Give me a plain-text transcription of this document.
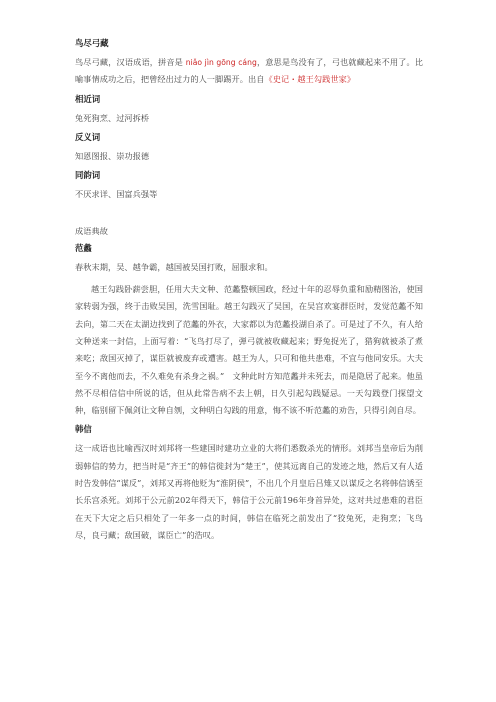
鸟尽弓藏

鸟尽弓藏，汉语成语，拼音是 niǎo jìn gōng cáng，意思是鸟没有了，弓也就藏起来不用了。比喻事情成功之后，把曾经出过力的人一脚踢开。出自《史记・越王勾践世家》

相近词

兔死狗烹、过河拆桥

反义词

知恩图报、崇功报德

同韵词

不厌求详、国富兵强等

成语典故

范蠡

春秋末期，吴、越争霸，越国被吴国打败，屈服求和。

越王勾践卧薪尝胆，任用大夫文种、范蠡整顿国政，经过十年的忍辱负重和励精图治，使国家转弱为强，终于击败吴国，洗雪国耻。越王勾践灭了吴国，在吴宫欢宴群臣时，发觉范蠡不知去向，第二天在太湖边找到了范蠡的外衣，大家都以为范蠡投湖自杀了。可是过了不久，有人给文种送来一封信，上面写着：“飞鸟打尽了，弹弓就被收藏起来；野兔捉光了，猎狗就被杀了煮来吃；敌国灭掉了，谋臣就被废弃或遭害。越王为人，只可和他共患难，不宜与他同安乐。大夫至今不离他而去，不久难免有杀身之祸。”　文种此时方知范蠡并未死去，而是隐居了起来。他虽然不尽相信信中所说的话，但从此常告病不去上朝，日久引起勾践疑忌。一天勾践登门探望文种，临别留下佩剑让文种自刎，文种明白勾践的用意，悔不该不听范蠡的劝告，只得引剑自尽。

韩信

这一成语也比喻西汉时刘邦将一些建国时建功立业的大将们悉数杀光的情形。刘邦当皇帝后为削弱韩信的势力，把当时是“齐王”的韩信徙封为“楚王”，使其远离自己的发迹之地，然后又有人适时告发韩信“谋反”，刘邦又再将他贬为“淮阴侯”，不出几个月皇后吕雉又以谋反之名将韩信诱至长乐宫杀死。刘邦于公元前202年得天下，韩信于公元前196年身首异处，这对共过患难的君臣在天下大定之后只相处了一年多一点的时间，韩信在临死之前发出了“狡兔死，走狗烹；飞鸟尽，良弓藏；敌国破，谋臣亡”的浩叹。
